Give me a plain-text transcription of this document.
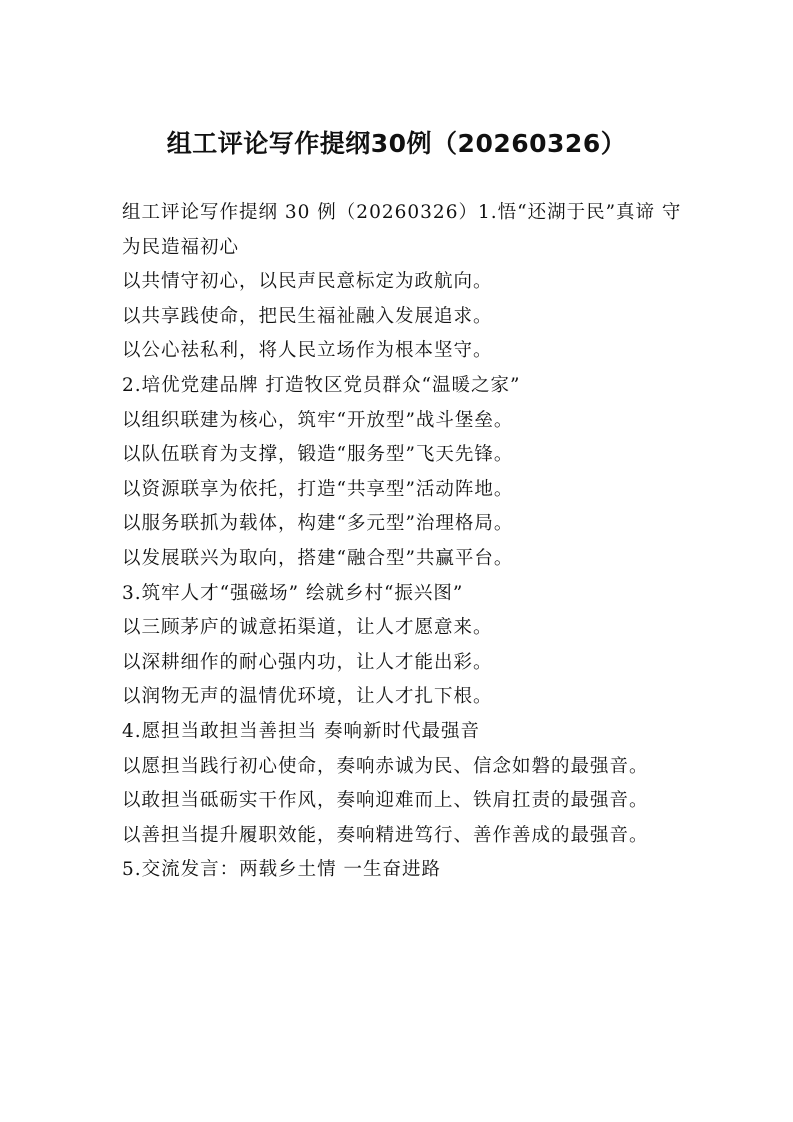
组工评论写作提纲30例（20260326）

组工评论写作提纲 30 例（20260326）1.悟“还湖于民”真谛 守为民造福初心

以共情守初心，以民声民意标定为政航向。

以共享践使命，把民生福祉融入发展追求。

以公心祛私利，将人民立场作为根本坚守。

2.培优党建品牌 打造牧区党员群众“温暖之家”

以组织联建为核心，筑牢“开放型”战斗堡垒。

以队伍联育为支撑，锻造“服务型”飞天先锋。

以资源联享为依托，打造“共享型”活动阵地。

以服务联抓为载体，构建“多元型”治理格局。

以发展联兴为取向，搭建“融合型”共赢平台。

3.筑牢人才“强磁场” 绘就乡村“振兴图”

以三顾茅庐的诚意拓渠道，让人才愿意来。

以深耕细作的耐心强内功，让人才能出彩。

以润物无声的温情优环境，让人才扎下根。

4.愿担当敢担当善担当 奏响新时代最强音

以愿担当践行初心使命，奏响赤诚为民、信念如磐的最强音。

以敢担当砥砺实干作风，奏响迎难而上、铁肩扛责的最强音。

以善担当提升履职效能，奏响精进笃行、善作善成的最强音。

5.交流发言：两载乡土情 一生奋进路
